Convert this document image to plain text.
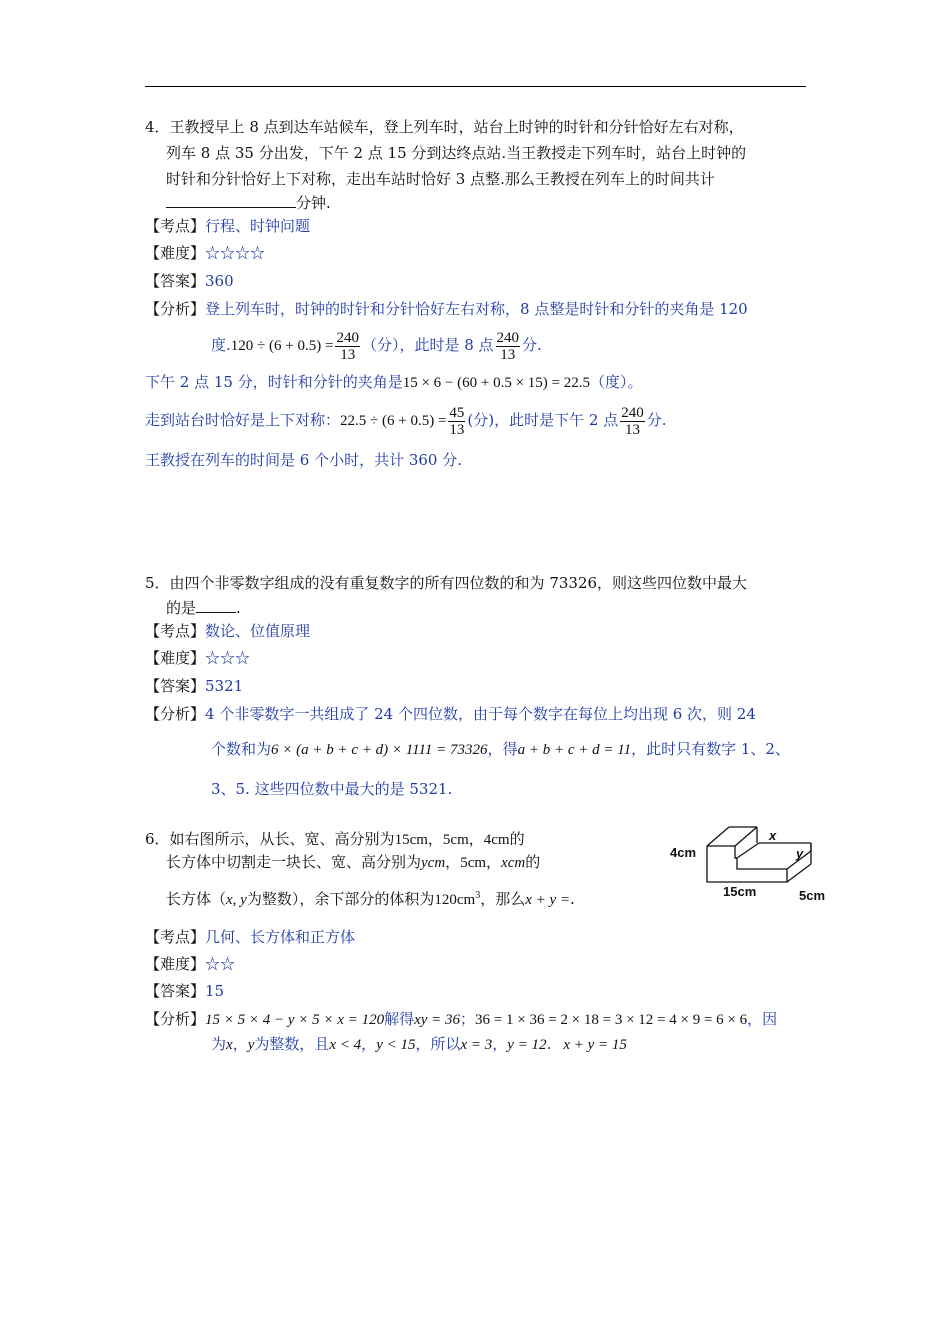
4．王教授早上 8 点到达车站候车，登上列车时，站台上时钟的时针和分针恰好左右对称，
列车 8 点 35 分出发，下午 2 点 15 分到达终点站.当王教授走下列车时，站台上时钟的
时针和分针恰好上下对称，走出车站时恰好 3 点整.那么王教授在列车上的时间共计
分钟.
【考点】行程、时钟问题
【难度】☆☆☆☆
【答案】360
【分析】登上列车时，时钟的时针和分针恰好左右对称，8 点整是时针和分针的夹角是 120
度$.120 \div (6 + 0.5) = \frac{240}{13}$ （分），此时是 8 点 $\frac{240}{13}$ 分.
下午 2 点 15 分，时针和分针的夹角是15 × 6 − (60 + 0.5 × 15) = 22.5（度）。
走到站台时恰好是上下对称：$22.5 \div (6 + 0.5) = \frac{45}{13}$ (分)，此时是下午 2 点 $\frac{240}{13}$ 分.
王教授在列车的时间是 6 个小时，共计 360 分.
5．由四个非零数字组成的没有重复数字的所有四位数的和为 73326，则这些四位数中最大
的是	.
【考点】数论、位值原理
【难度】☆☆☆
【答案】5321
【分析】4 个非零数字一共组成了 24 个四位数，由于每个数字在每位上均出现 6 次，则 24
个数和为6 × (a + b + c + d) × 1111 = 73326，得a + b + c + d = 11，此时只有数字 1、2、
3、5. 这些四位数中最大的是 5321.
6．如右图所示，从长、宽、高分别为15cm，5cm，4cm的
长方体中切割走一块长、宽、高分别为ycm，5cm，xcm的
长方体（x, y为整数），余下部分的体积为$120cm^3$，那么x + y =.
4cm
x
y
15cm	5cm
【考点】几何、长方体和正方体
【难度】☆☆
【答案】15
【分析】15 × 5 × 4 − y × 5 × x = 120解得xy = 36；36 = 1 × 36 = 2 × 18 = 3 × 12 = 4 × 9 = 6 × 6，因
为x，y为整数，且x < 4，y < 15，所以x = 3，y = 12. x + y = 15
